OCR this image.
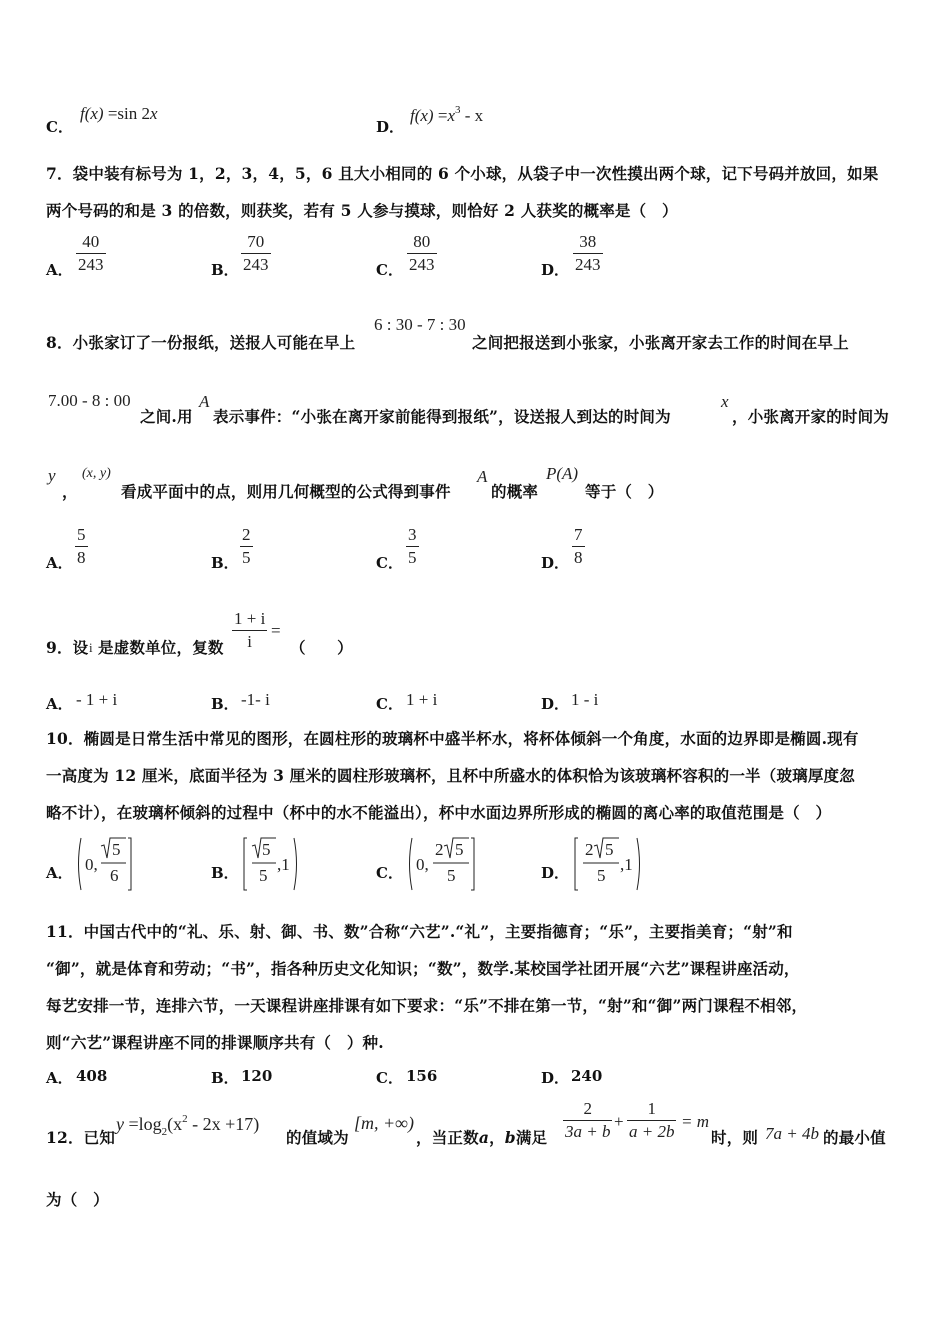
C．
f(x) =sin 2x
D．
$f(x) =x^3 - x$
7．袋中装有标号为 1，2，3，4，5，6 且大小相同的 6 个小球，从袋子中一次性摸出两个球，记下号码并放回，如果
两个号码的和是 3 的倍数，则获奖，若有 5 人参与摸球，则恰好 2 人获奖的概率是（　）
A． $\frac{40}{243}$	B． $\frac{70}{243}$	C． $\frac{80}{243}$	D． $\frac{38}{243}$
8．小张家订了一份报纸，送报人可能在早上
6 : 30 - 7 : 30
之间把报送到小张家，小张离开家去工作的时间在早上
7.00 - 8 : 00
之间.用
A
表示事件：“小张在离开家前能得到报纸”，设送报人到达的时间为
x
，小张离开家的时间为
y
，
(x, y)
看成平面中的点，则用几何概型的公式得到事件
A
的概率
P(A)
等于（　）
A． $\frac{5}{8}$	B． $\frac{2}{5}$	C． $\frac{3}{5}$	D． $\frac{7}{8}$
9．设 i 是虚数单位，复数 $\frac{1 + i}{i}$ =
（　　）
A． - 1 + i	B． -1- i	C． 1 + i	D． 1 - i
10．椭圆是日常生活中常见的图形，在圆柱形的玻璃杯中盛半杯水，将杯体倾斜一个角度，水面的边界即是椭圆.现有
一高度为 12 厘米，底面半径为 3 厘米的圆柱形玻璃杯，且杯中所盛水的体积恰为该玻璃杯容积的一半（玻璃厚度忽
略不计），在玻璃杯倾斜的过程中（杯中的水不能溢出），杯中水面边界所形成的椭圆的离心率的取值范围是（　）
A． 0,
5
6	B．
5
5
,1	C． 0,
2 5
5	D．
2 5
5
,1
11．中国古代中的“礼、乐、射、御、书、数”合称“六艺”.“礼”，主要指德育；“乐”，主要指美育；“射”和
“御”，就是体育和劳动；“书”，指各种历史文化知识；“数”，数学.某校国学社团开展“六艺”课程讲座活动，
每艺安排一节，连排六节，一天课程讲座排课有如下要求：“乐”不排在第一节，“射”和“御”两门课程不相邻，
则“六艺”课程讲座不同的排课顺序共有（　）种.
A． 408	B． 120	C． 156	D． 240
12．已知
$y =\log_2(x^2 - 2x +17)$
的值域为
[m, +∞)
，当正数a，b满足 $\frac{2}{3a + b} + \frac{1}{a + 2b} = m$
时，则 7a + 4b 的最小值
为（　）
